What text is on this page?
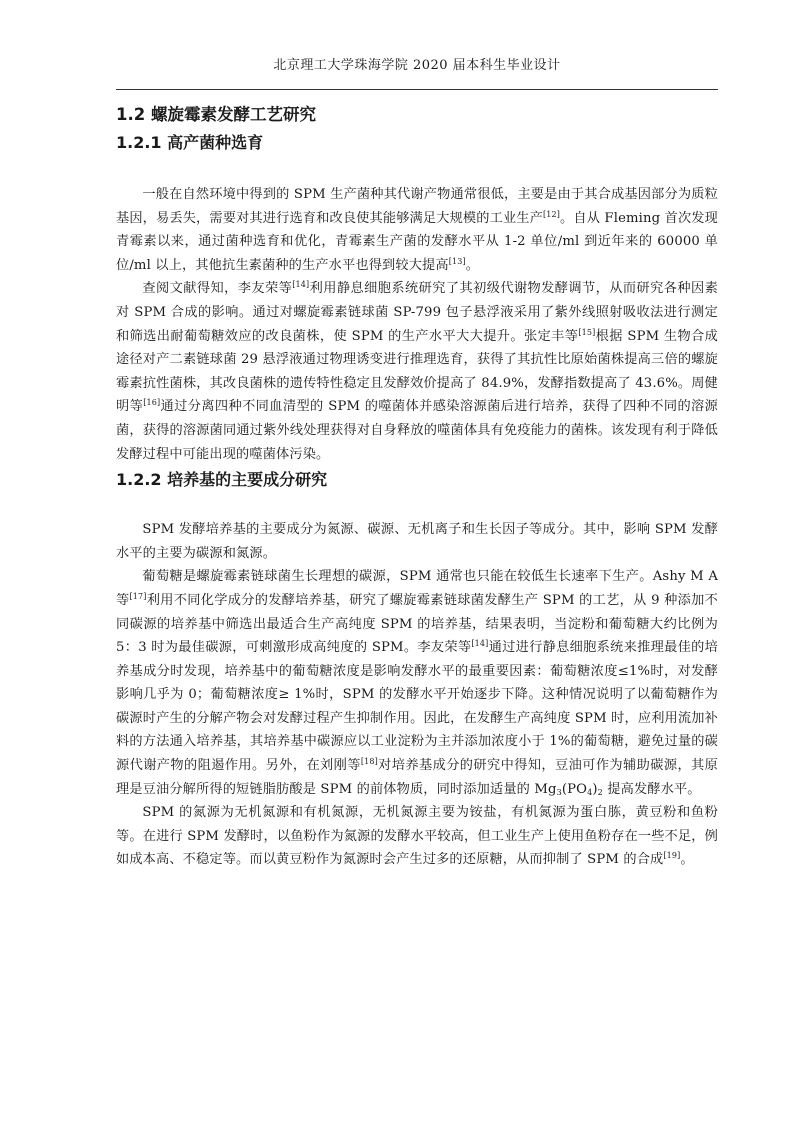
北京理工大学珠海学院 2020 届本科生毕业设计
1.2 螺旋霉素发酵工艺研究
1.2.1 高产菌种选育

一般在自然环境中得到的 SPM 生产菌种其代谢产物通常很低，主要是由于其合成基因部分为质粒基因，易丢失，需要对其进行选育和改良使其能够满足大规模的工业生产[12]。自从 Fleming 首次发现青霉素以来，通过菌种选育和优化，青霉素生产菌的发酵水平从 1-2 单位/ml 到近年来的 60000 单位/ml 以上，其他抗生素菌种的生产水平也得到较大提高[13]。

查阅文献得知，李友荣等[14]利用静息细胞系统研究了其初级代谢物发酵调节，从而研究各种因素对 SPM 合成的影响。通过对螺旋霉素链球菌 SP-799 包子悬浮液采用了紫外线照射吸收法进行测定和筛选出耐葡萄糖效应的改良菌株，使 SPM 的生产水平大大提升。张定丰等[15]根据 SPM 生物合成途径对产二素链球菌 29 悬浮液通过物理诱变进行推理选育，获得了其抗性比原始菌株提高三倍的螺旋霉素抗性菌株，其改良菌株的遗传特性稳定且发酵效价提高了 84.9%，发酵指数提高了 43.6%。周健明等[16]通过分离四种不同血清型的 SPM 的噬菌体并感染溶源菌后进行培养，获得了四种不同的溶源菌，获得的溶源菌同通过紫外线处理获得对自身释放的噬菌体具有免疫能力的菌株。该发现有利于降低发酵过程中可能出现的噬菌体污染。

1.2.2 培养基的主要成分研究

SPM 发酵培养基的主要成分为氮源、碳源、无机离子和生长因子等成分。其中，影响 SPM 发酵水平的主要为碳源和氮源。

葡萄糖是螺旋霉素链球菌生长理想的碳源，SPM 通常也只能在较低生长速率下生产。Ashy M A 等[17]利用不同化学成分的发酵培养基，研究了螺旋霉素链球菌发酵生产 SPM 的工艺，从 9 种添加不同碳源的培养基中筛选出最适合生产高纯度 SPM 的培养基，结果表明，当淀粉和葡萄糖大约比例为 5：3 时为最佳碳源，可刺激形成高纯度的 SPM。李友荣等[14]通过进行静息细胞系统来推理最佳的培养基成分时发现，培养基中的葡萄糖浓度是影响发酵水平的最重要因素：葡萄糖浓度≤1%时，对发酵影响几乎为 0；葡萄糖浓度≥ 1%时，SPM 的发酵水平开始逐步下降。这种情况说明了以葡萄糖作为碳源时产生的分解产物会对发酵过程产生抑制作用。因此，在发酵生产高纯度 SPM 时，应利用流加补料的方法通入培养基，其培养基中碳源应以工业淀粉为主并添加浓度小于 1%的葡萄糖，避免过量的碳源代谢产物的阻遏作用。另外，在刘刚等[18]对培养基成分的研究中得知，豆油可作为辅助碳源，其原理是豆油分解所得的短链脂肪酸是 SPM 的前体物质，同时添加适量的 $Mg_3(PO_4)_2$ 提高发酵水平。

SPM 的氮源为无机氮源和有机氮源，无机氮源主要为铵盐，有机氮源为蛋白胨，黄豆粉和鱼粉等。在进行 SPM 发酵时，以鱼粉作为氮源的发酵水平较高，但工业生产上使用鱼粉存在一些不足，例如成本高、不稳定等。而以黄豆粉作为氮源时会产生过多的还原糖，从而抑制了 SPM 的合成[19]。
